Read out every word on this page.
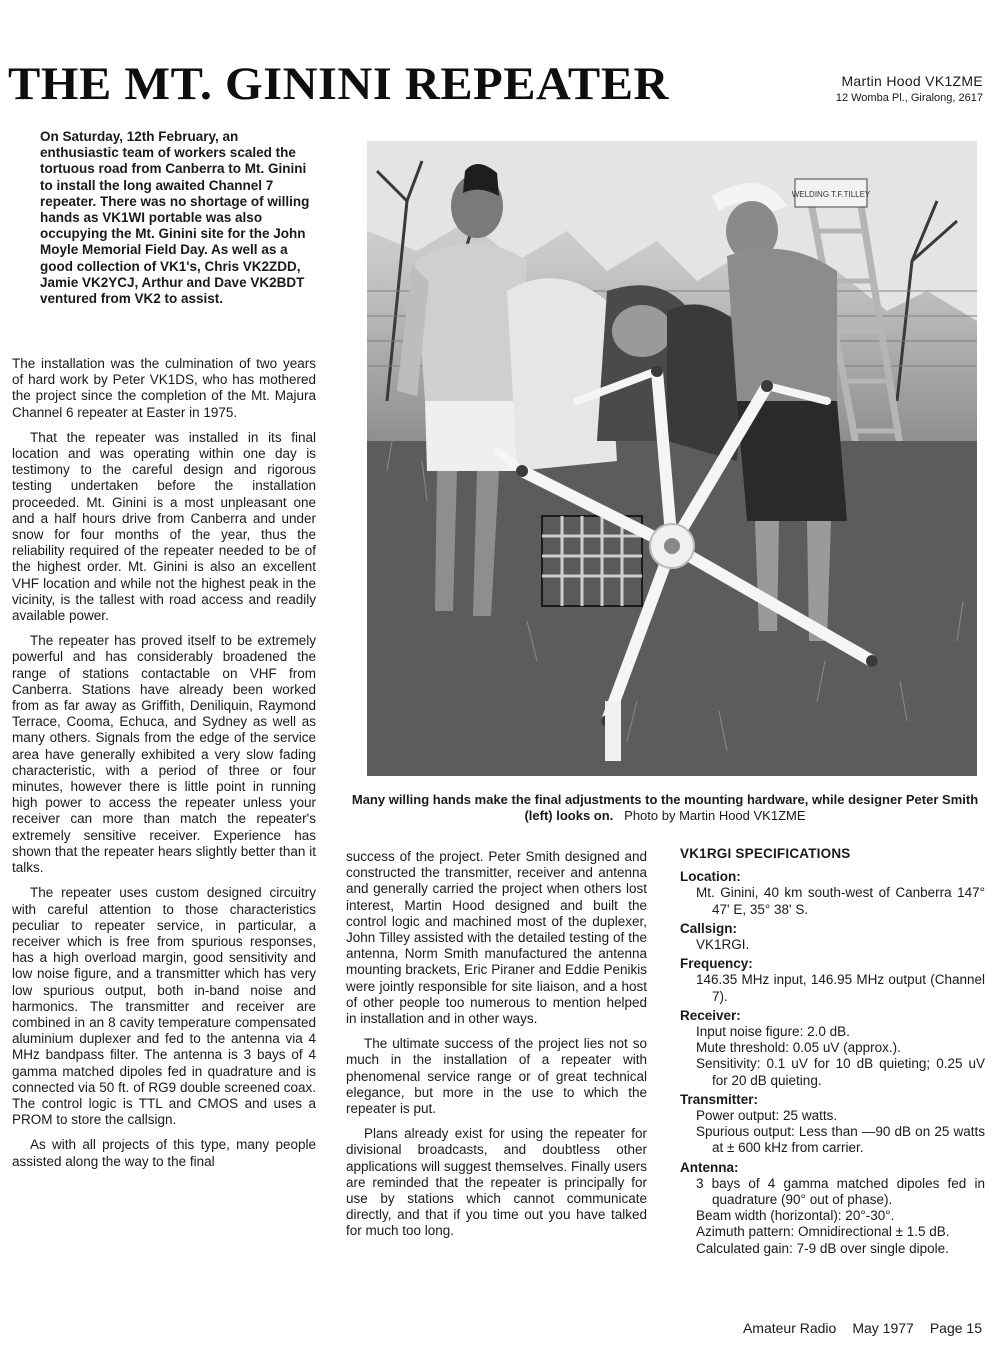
THE MT. GININI REPEATER	Martin Hood VK1ZME
12 Womba Pl., Giralong, 2617
On Saturday, 12th February, an enthusiastic team of workers scaled the tortuous road from Canberra to Mt. Ginini to install the long awaited Channel 7 repeater. There was no shortage of willing hands as VK1WI portable was also occupying the Mt. Ginini site for the John Moyle Memorial Field Day. As well as a good collection of VK1's, Chris VK2ZDD, Jamie VK2YCJ, Arthur and Dave VK2BDT ventured from VK2 to assist.

The installation was the culmination of two years of hard work by Peter VK1DS, who has mothered the project since the completion of the Mt. Majura Channel 6 repeater at Easter in 1975.

That the repeater was installed in its final location and was operating within one day is testimony to the careful design and rigorous testing undertaken before the installation proceeded. Mt. Ginini is a most unpleasant one and a half hours drive from Canberra and under snow for four months of the year, thus the reliability required of the repeater needed to be of the highest order. Mt. Ginini is also an excellent VHF location and while not the highest peak in the vicinity, is the tallest with road access and readily available power.

The repeater has proved itself to be extremely powerful and has considerably broadened the range of stations contactable on VHF from Canberra. Stations have already been worked from as far away as Griffith, Deniliquin, Raymond Terrace, Cooma, Echuca, and Sydney as well as many others. Signals from the edge of the service area have generally exhibited a very slow fading characteristic, with a period of three or four minutes, however there is little point in running high power to access the repeater unless your receiver can more than match the repeater's extremely sensitive receiver. Experience has shown that the repeater hears slightly better than it talks.

The repeater uses custom designed circuitry with careful attention to those characteristics peculiar to repeater service, in particular, a receiver which is free from spurious responses, has a high overload margin, good sensitivity and low noise figure, and a transmitter which has very low spurious output, both in-band noise and harmonics. The transmitter and receiver are combined in an 8 cavity temperature compensated aluminium duplexer and fed to the antenna via 4 MHz bandpass filter. The antenna is 3 bays of 4 gamma matched dipoles fed in quadrature and is connected via 50 ft. of RG9 double screened coax. The control logic is TTL and CMOS and uses a PROM to store the callsign.

As with all projects of this type, many people assisted along the way to the final

WELDING T.F.TILLEY
Many willing hands make the final adjustments to the mounting hardware, while designer Peter Smith (left) looks on. Photo by Martin Hood VK1ZME

success of the project. Peter Smith designed and constructed the transmitter, receiver and antenna and generally carried the project when others lost interest, Martin Hood designed and built the control logic and machined most of the duplexer, John Tilley assisted with the detailed testing of the antenna, Norm Smith manufactured the antenna mounting brackets, Eric Piraner and Eddie Penikis were jointly responsible for site liaison, and a host of other people too numerous to mention helped in installation and in other ways.

The ultimate success of the project lies not so much in the installation of a repeater with phenomenal service range or of great technical elegance, but more in the use to which the repeater is put.

Plans already exist for using the repeater for divisional broadcasts, and doubtless other applications will suggest themselves. Finally users are reminded that the repeater is principally for use by stations which cannot communicate directly, and that if you time out you have talked for much too long.

VK1RGI SPECIFICATIONS
Location:
Mt. Ginini, 40 km south-west of Canberra 147° 47' E, 35° 38' S.
Callsign:
VK1RGI.
Frequency:
146.35 MHz input, 146.95 MHz output (Channel 7).
Receiver:
Input noise figure: 2.0 dB.
Mute threshold: 0.05 uV (approx.).
Sensitivity: 0.1 uV for 10 dB quieting; 0.25 uV for 20 dB quieting.
Transmitter:
Power output: 25 watts.
Spurious output: Less than —90 dB on 25 watts at ± 600 kHz from carrier.
Antenna:
3 bays of 4 gamma matched dipoles fed in quadrature (90° out of phase).
Beam width (horizontal): 20°-30°.
Azimuth pattern: Omnidirectional ± 1.5 dB.
Calculated gain: 7-9 dB over single dipole.
Amateur Radio May 1977 Page 15
